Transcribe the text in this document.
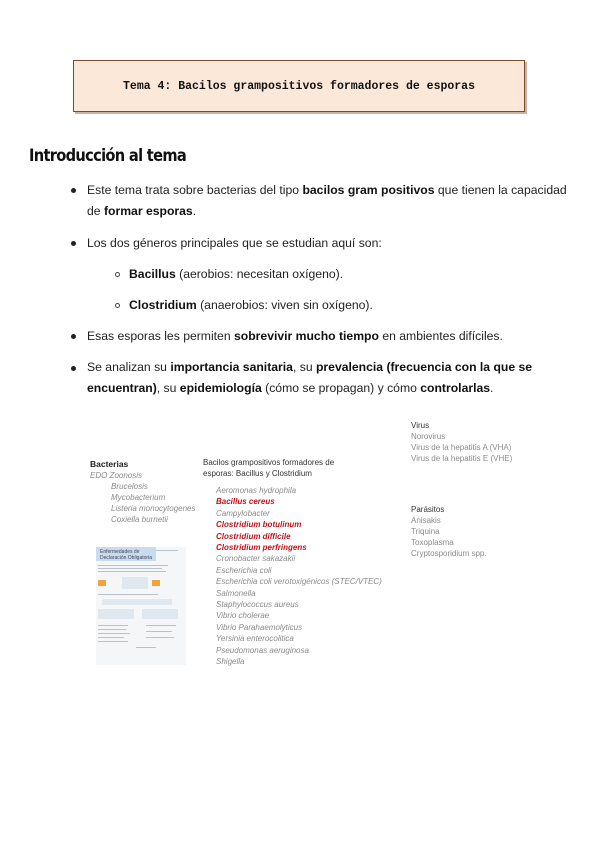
Tema 4: Bacilos grampositivos formadores de esporas
Introducción al tema
Este tema trata sobre bacterias del tipo bacilos gram positivos que tienen la capacidad
de formar esporas.
Los dos géneros principales que se estudian aquí son:
Bacillus (aerobios: necesitan oxígeno).
Clostridium (anaerobios: viven sin oxígeno).
Esas esporas les permiten sobrevivir mucho tiempo en ambientes difíciles.
Se analizan su importancia sanitaria, su prevalencia (frecuencia con la que se
encuentran), su epidemiología (cómo se propagan) y cómo controlarlas.
Bacterias
EDO Zoonosis
Brucelosis
Mycobacterium
Listeria monocytogenes
Coxiella burnetii
Enfermedades de Declaración Obligatoria
Bacilos grampositivos formadores de
esporas: Bacillus y Clostridium
Aeromonas hydrophila
Bacillus cereus
Campylobacter
Clostridium botulinum
Clostridium difficile
Clostridium perfringens
Cronobacter sakazakii
Escherichia coli
Escherichia coli verotoxigénicos (STEC/VTEC)
Salmonella
Staphylococcus aureus
Vibrio cholerae
Vibrio Parahaemolyticus
Yersinia enterocolitica
Pseudomonas aeruginosa
Shigella
Virus
Norovirus
Virus de la hepatitis A (VHA)
Virus de la hepatitis E (VHE)
Parásitos
Anisakis
Triquina
Toxoplasma
Cryptosporidium spp.
